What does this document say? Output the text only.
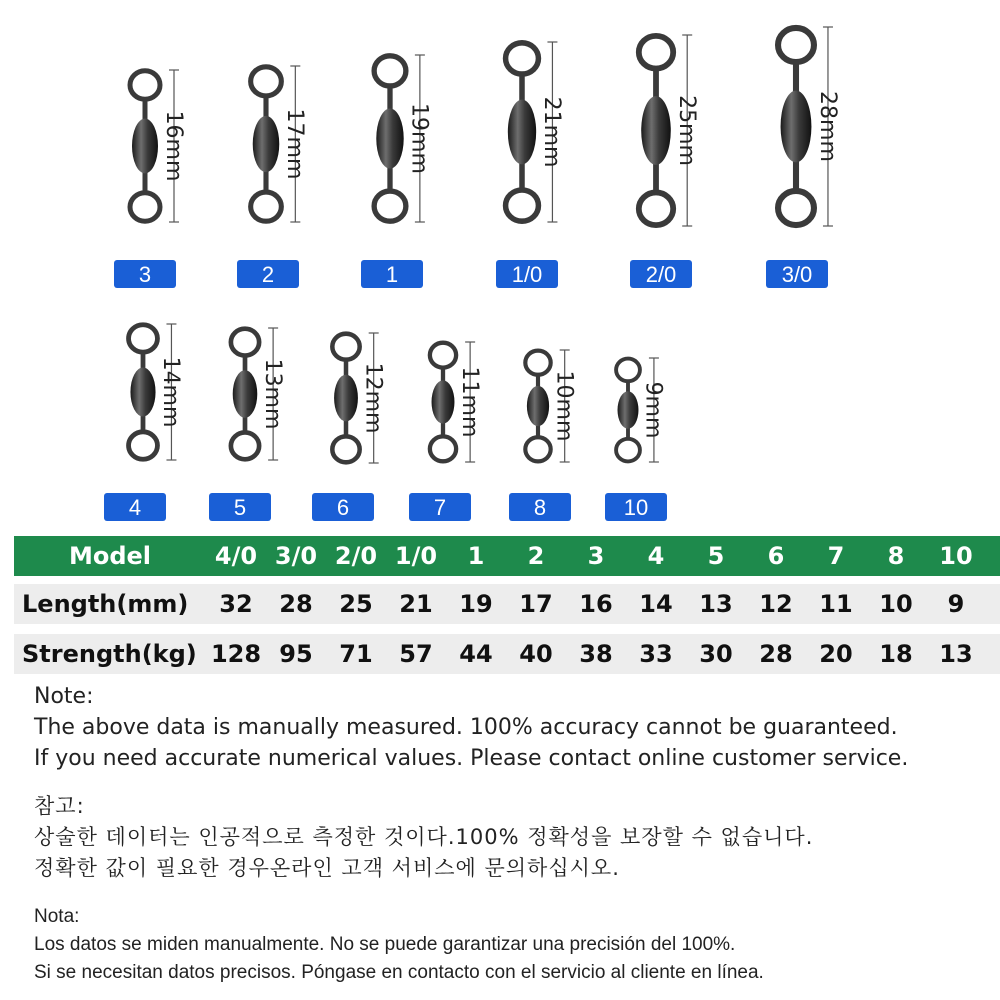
16mm
3
17mm
2
19mm
1
21mm
1/0
25mm
2/0
28mm
3/0
14mm
4
13mm
5
12mm
6
11mm
7
10mm
8
9mm
10
Model	4/0 3/0 2/0 1/0	1	2	3	4	5	6	7	8	10
Length(mm)	32	28	25	21	19	17	16	14	13	12	11	10	9
Strength(kg) 128 95	71	57	44	40	38	33	30	28	20	18	13
Note:
The above data is manually measured. 100% accuracy cannot be guaranteed.
If you need accurate numerical values. Please contact online customer service.
참고:
상술한 데이터는 인공적으로 측정한 것이다.100% 정확성을 보장할 수 없습니다.
정확한 값이 필요한 경우온라인 고객 서비스에 문의하십시오.
Nota:
Los datos se miden manualmente. No se puede garantizar una precisión del 100%.
Si se necesitan datos precisos. Póngase en contacto con el servicio al cliente en línea.
